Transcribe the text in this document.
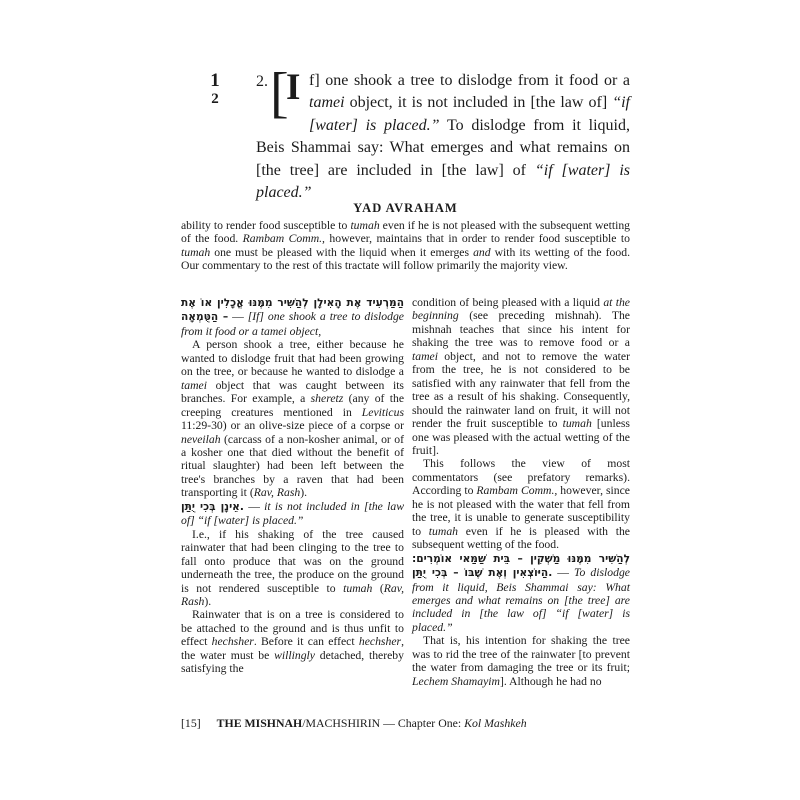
1
2
2. [
I f] one shook a tree to dislodge from it food or a tamei object, it is not included in [the law of] “if [water] is placed.” To dislodge from it liquid, Beis Shammai say: What emerges and what remains on [the tree] are included in [the law] of “if [water] is placed.”
YAD AVRAHAM
ability to render food susceptible to tumah even if he is not pleased with the subsequent wetting of the food. Rambam Comm., however, maintains that in order to render food susceptible to tumah one must be pleased with the liquid when it emerges and with its wetting of the food. Our commentary to the rest of this tractate will follow primarily the majority view.

הַמַּרְעִיד אֶת הָאִילָן לְהַשִּׁיר מִמֶּנּוּ אֳכָלִין אוֹ אֶת הַטֻּמְאָה – — [If] one shook a tree to dislodge from it food or a tamei object,

A person shook a tree, either because he wanted to dislodge fruit that had been growing on the tree, or because he wanted to dislodge a tamei object that was caught between its branches. For example, a sheretz (any of the creeping creatures mentioned in Leviticus 11:29-30) or an olive-size piece of a corpse or neveilah (carcass of a non-kosher animal, or of a kosher one that died without the benefit of ritual slaughter) had been left between the tree's branches by a raven that had been transporting it (Rav, Rash).

אֵינָן בְּכִי יֻתַּן. — it is not included in [the law of] “if [water] is placed.”

I.e., if his shaking of the tree caused rainwater that had been clinging to the tree to fall onto produce that was on the ground underneath the tree, the produce on the ground is not rendered susceptible to tumah (Rav, Rash).

Rainwater that is on a tree is considered to be attached to the ground and is thus unfit to effect hechsher. Before it can effect hechsher, the water must be willingly detached, thereby satisfying the

condition of being pleased with a liquid at the beginning (see preceding mishnah). The mishnah teaches that since his intent for shaking the tree was to remove food or a tamei object, and not to remove the water from the tree, he is not considered to be satisfied with any rainwater that fell from the tree as a result of his shaking. Consequently, should the rainwater land on fruit, it will not render the fruit susceptible to tumah [unless one was pleased with the actual wetting of the fruit].

This follows the view of most commentators (see prefatory remarks). According to Rambam Comm., however, since he is not pleased with the water that fell from the tree, it is unable to generate susceptibility to tumah even if he is pleased with the subsequent wetting of the food.

לְהַשִּׁיר מִמֶּנּוּ מַשְׁקִין – בֵּית שַׁמַּאי אוֹמְרִים: הַיּוֹצְאִין וְאֶת שֶׁבּוֹ – בְּכִי יֻתַּן. — To dislodge from it liquid, Beis Shammai say: What emerges and what remains on [the tree] are included in [the law of] “if [water] is placed.”

That is, his intention for shaking the tree was to rid the tree of the rainwater [to prevent the water from damaging the tree or its fruit; Lechem Shamayim]. Although he had no

[15] THE MISHNAH/MACHSHIRIN — Chapter One: Kol Mashkeh
